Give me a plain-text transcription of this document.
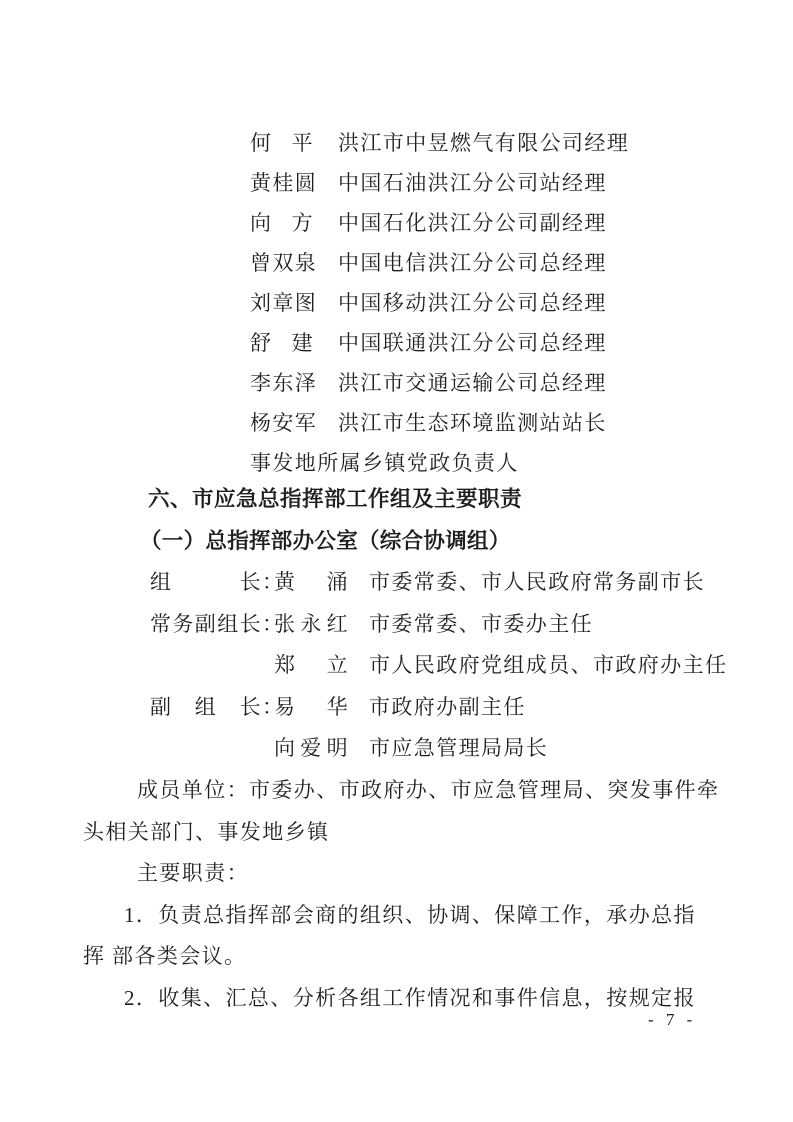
何平 洪江市中昱燃气有限公司经理
黄桂圆 中国石油洪江分公司站经理
向方 中国石化洪江分公司副经理
曾双泉 中国电信洪江分公司总经理
刘章图 中国移动洪江分公司总经理
舒建 中国联通洪江分公司总经理
李东泽 洪江市交通运输公司总经理
杨安军 洪江市生态环境监测站站长
事发地所属乡镇党政负责人
六、市应急总指挥部工作组及主要职责
（一）总指挥部办公室（综合协调组）
组　　　长：黄涌 市委常委、市人民政府常务副市长
常务副组长：张永红 市委常委、市委办主任
郑立 市人民政府党组成员、市政府办主任
副　组　长：易华 市政府办副主任
向爱明 市应急管理局局长
成员单位：市委办、市政府办、市应急管理局、突发事件牵
头相关部门、事发地乡镇
主要职责：
1．负责总指挥部会商的组织、协调、保障工作，承办总指
挥 部各类会议。
2．收集、汇总、分析各组工作情况和事件信息，按规定报
- 7 -
